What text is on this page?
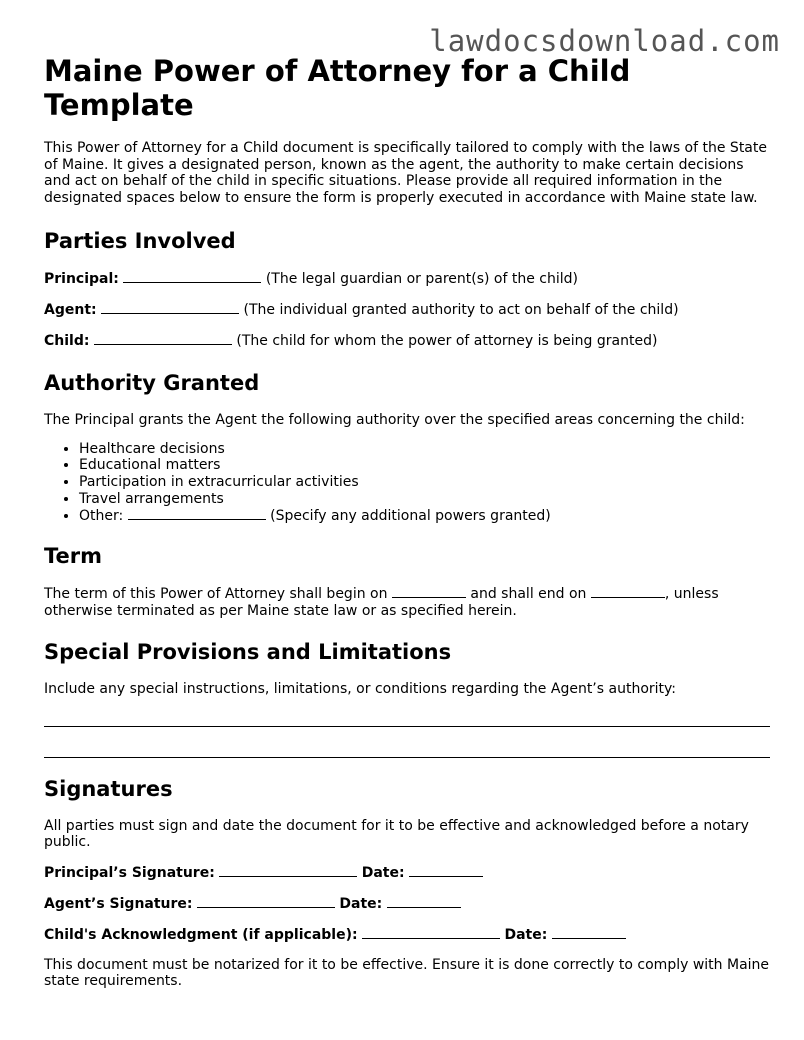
lawdocsdownload.com
Maine Power of Attorney for a Child Template

This Power of Attorney for a Child document is specifically tailored to comply with the laws of the State of Maine. It gives a designated person, known as the agent, the authority to make certain decisions and act on behalf of the child in specific situations. Please provide all required information in the designated spaces below to ensure the form is properly executed in accordance with Maine state law.

Parties Involved
Principal:	(The legal guardian or parent(s) of the child)
Agent:	(The individual granted authority to act on behalf of the child)
Child:	(The child for whom the power of attorney is being granted)
Authority Granted

The Principal grants the Agent the following authority over the specified areas concerning the child:

• Healthcare decisions
• Educational matters
• Participation in extracurricular activities
• Travel arrangements
• Other:	(Specify any additional powers granted)
Term

The term of this Power of Attorney shall begin on	and shall end on	, unless otherwise terminated as per Maine state law or as specified herein.

Special Provisions and Limitations

Include any special instructions, limitations, or conditions regarding the Agent’s authority:

Signatures

All parties must sign and date the document for it to be effective and acknowledged before a notary public.

Principal’s Signature:	Date:
Agent’s Signature:	Date:
Child's Acknowledgment (if applicable):	Date:

This document must be notarized for it to be effective. Ensure it is done correctly to comply with Maine state requirements.
